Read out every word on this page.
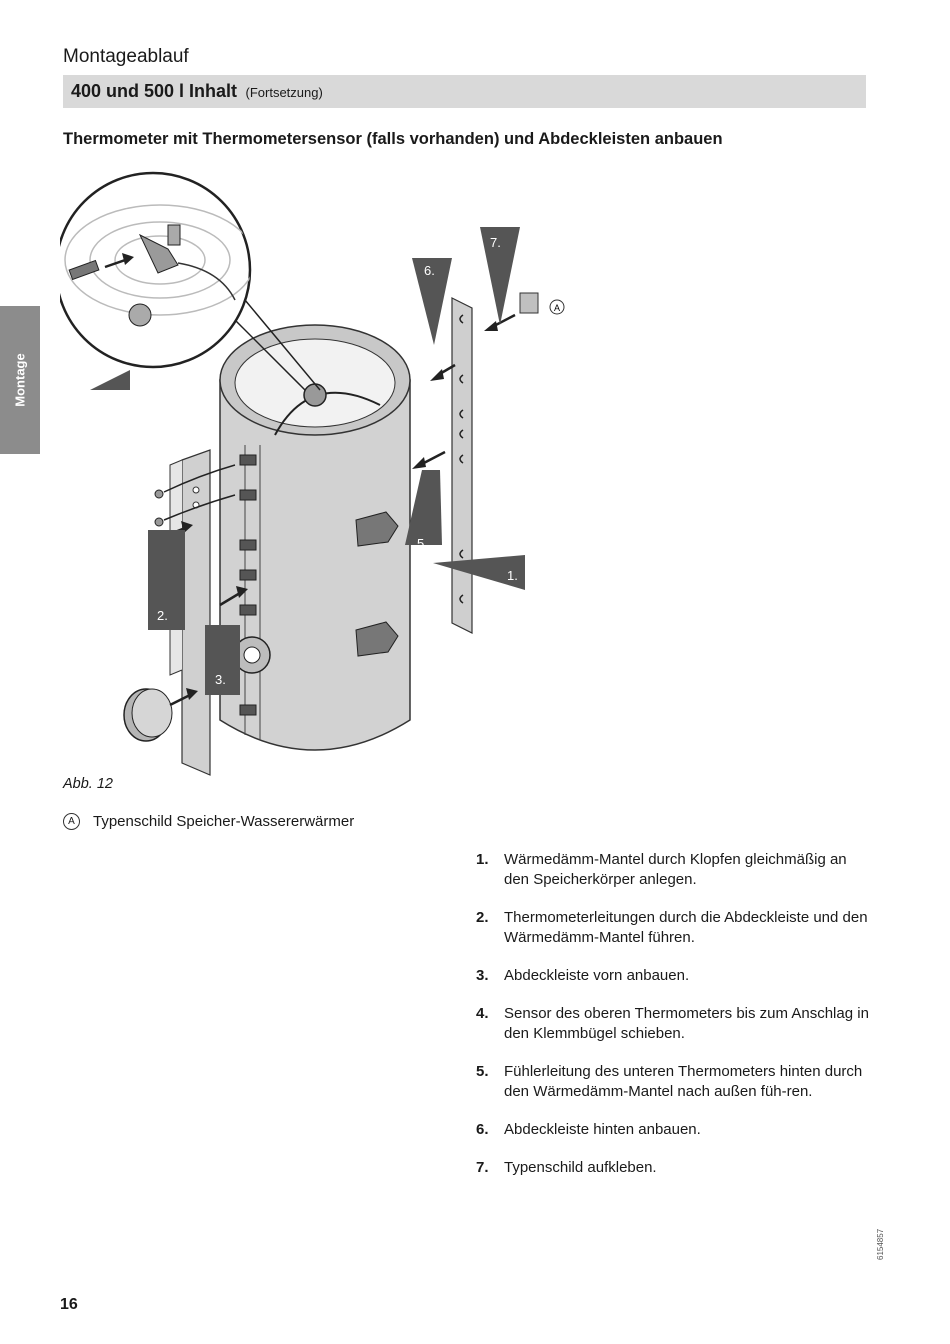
Montageablauf
400 und 500 l Inhalt (Fortsetzung)
Thermometer mit Thermometersensor (falls vorhanden) und Abdeckleisten anbauen
Montage
A
1.
2.
3.
5.
6.
7.
Abb. 12
A	Typenschild Speicher-Wassererwärmer
1. Wärmedämm-Mantel durch Klopfen gleichmäßig an den Speicherkörper anlegen.
2. Thermometerleitungen durch die Abdeckleiste und den Wärmedämm-Mantel führen.
3. Abdeckleiste vorn anbauen.
4. Sensor des oberen Thermometers bis zum Anschlag in den Klemmbügel schieben.
5. Fühlerleitung des unteren Thermometers hinten durch den Wärmedämm-Mantel nach außen füh-ren.
6. Abdeckleiste hinten anbauen.
7. Typenschild aufkleben.
16
6154857
